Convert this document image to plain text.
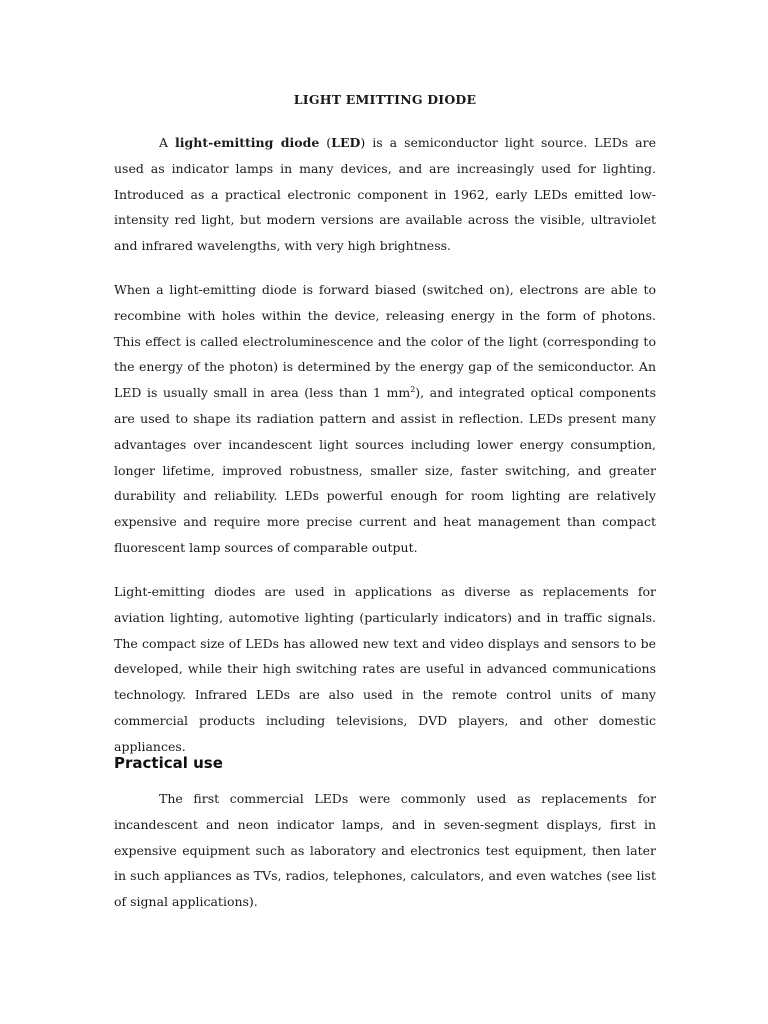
LIGHT EMITTING DIODE

A light-emitting diode (LED) is a semiconductor light source. LEDs are used as indicator lamps in many devices, and are increasingly used for lighting. Introduced as a practical electronic component in 1962, early LEDs emitted low-intensity red light, but modern versions are available across the visible, ultraviolet and infrared wavelengths, with very high brightness.

When a light-emitting diode is forward biased (switched on), electrons are able to recombine with holes within the device, releasing energy in the form of photons. This effect is called electroluminescence and the color of the light (corresponding to the energy of the photon) is determined by the energy gap of the semiconductor. An LED is usually small in area (less than 1 $mm^2$), and integrated optical components are used to shape its radiation pattern and assist in reflection. LEDs present many advantages over incandescent light sources including lower energy consumption, longer lifetime, improved robustness, smaller size, faster switching, and greater durability and reliability. LEDs powerful enough for room lighting are relatively expensive and require more precise current and heat management than compact fluorescent lamp sources of comparable output.

Light-emitting diodes are used in applications as diverse as replacements for aviation lighting, automotive lighting (particularly indicators) and in traffic signals. The compact size of LEDs has allowed new text and video displays and sensors to be developed, while their high switching rates are useful in advanced communications technology. Infrared LEDs are also used in the remote control units of many commercial products including televisions, DVD players, and other domestic appliances.

Practical use

The first commercial LEDs were commonly used as replacements for incandescent and neon indicator lamps, and in seven-segment displays, first in expensive equipment such as laboratory and electronics test equipment, then later in such appliances as TVs, radios, telephones, calculators, and even watches (see list of signal applications).
